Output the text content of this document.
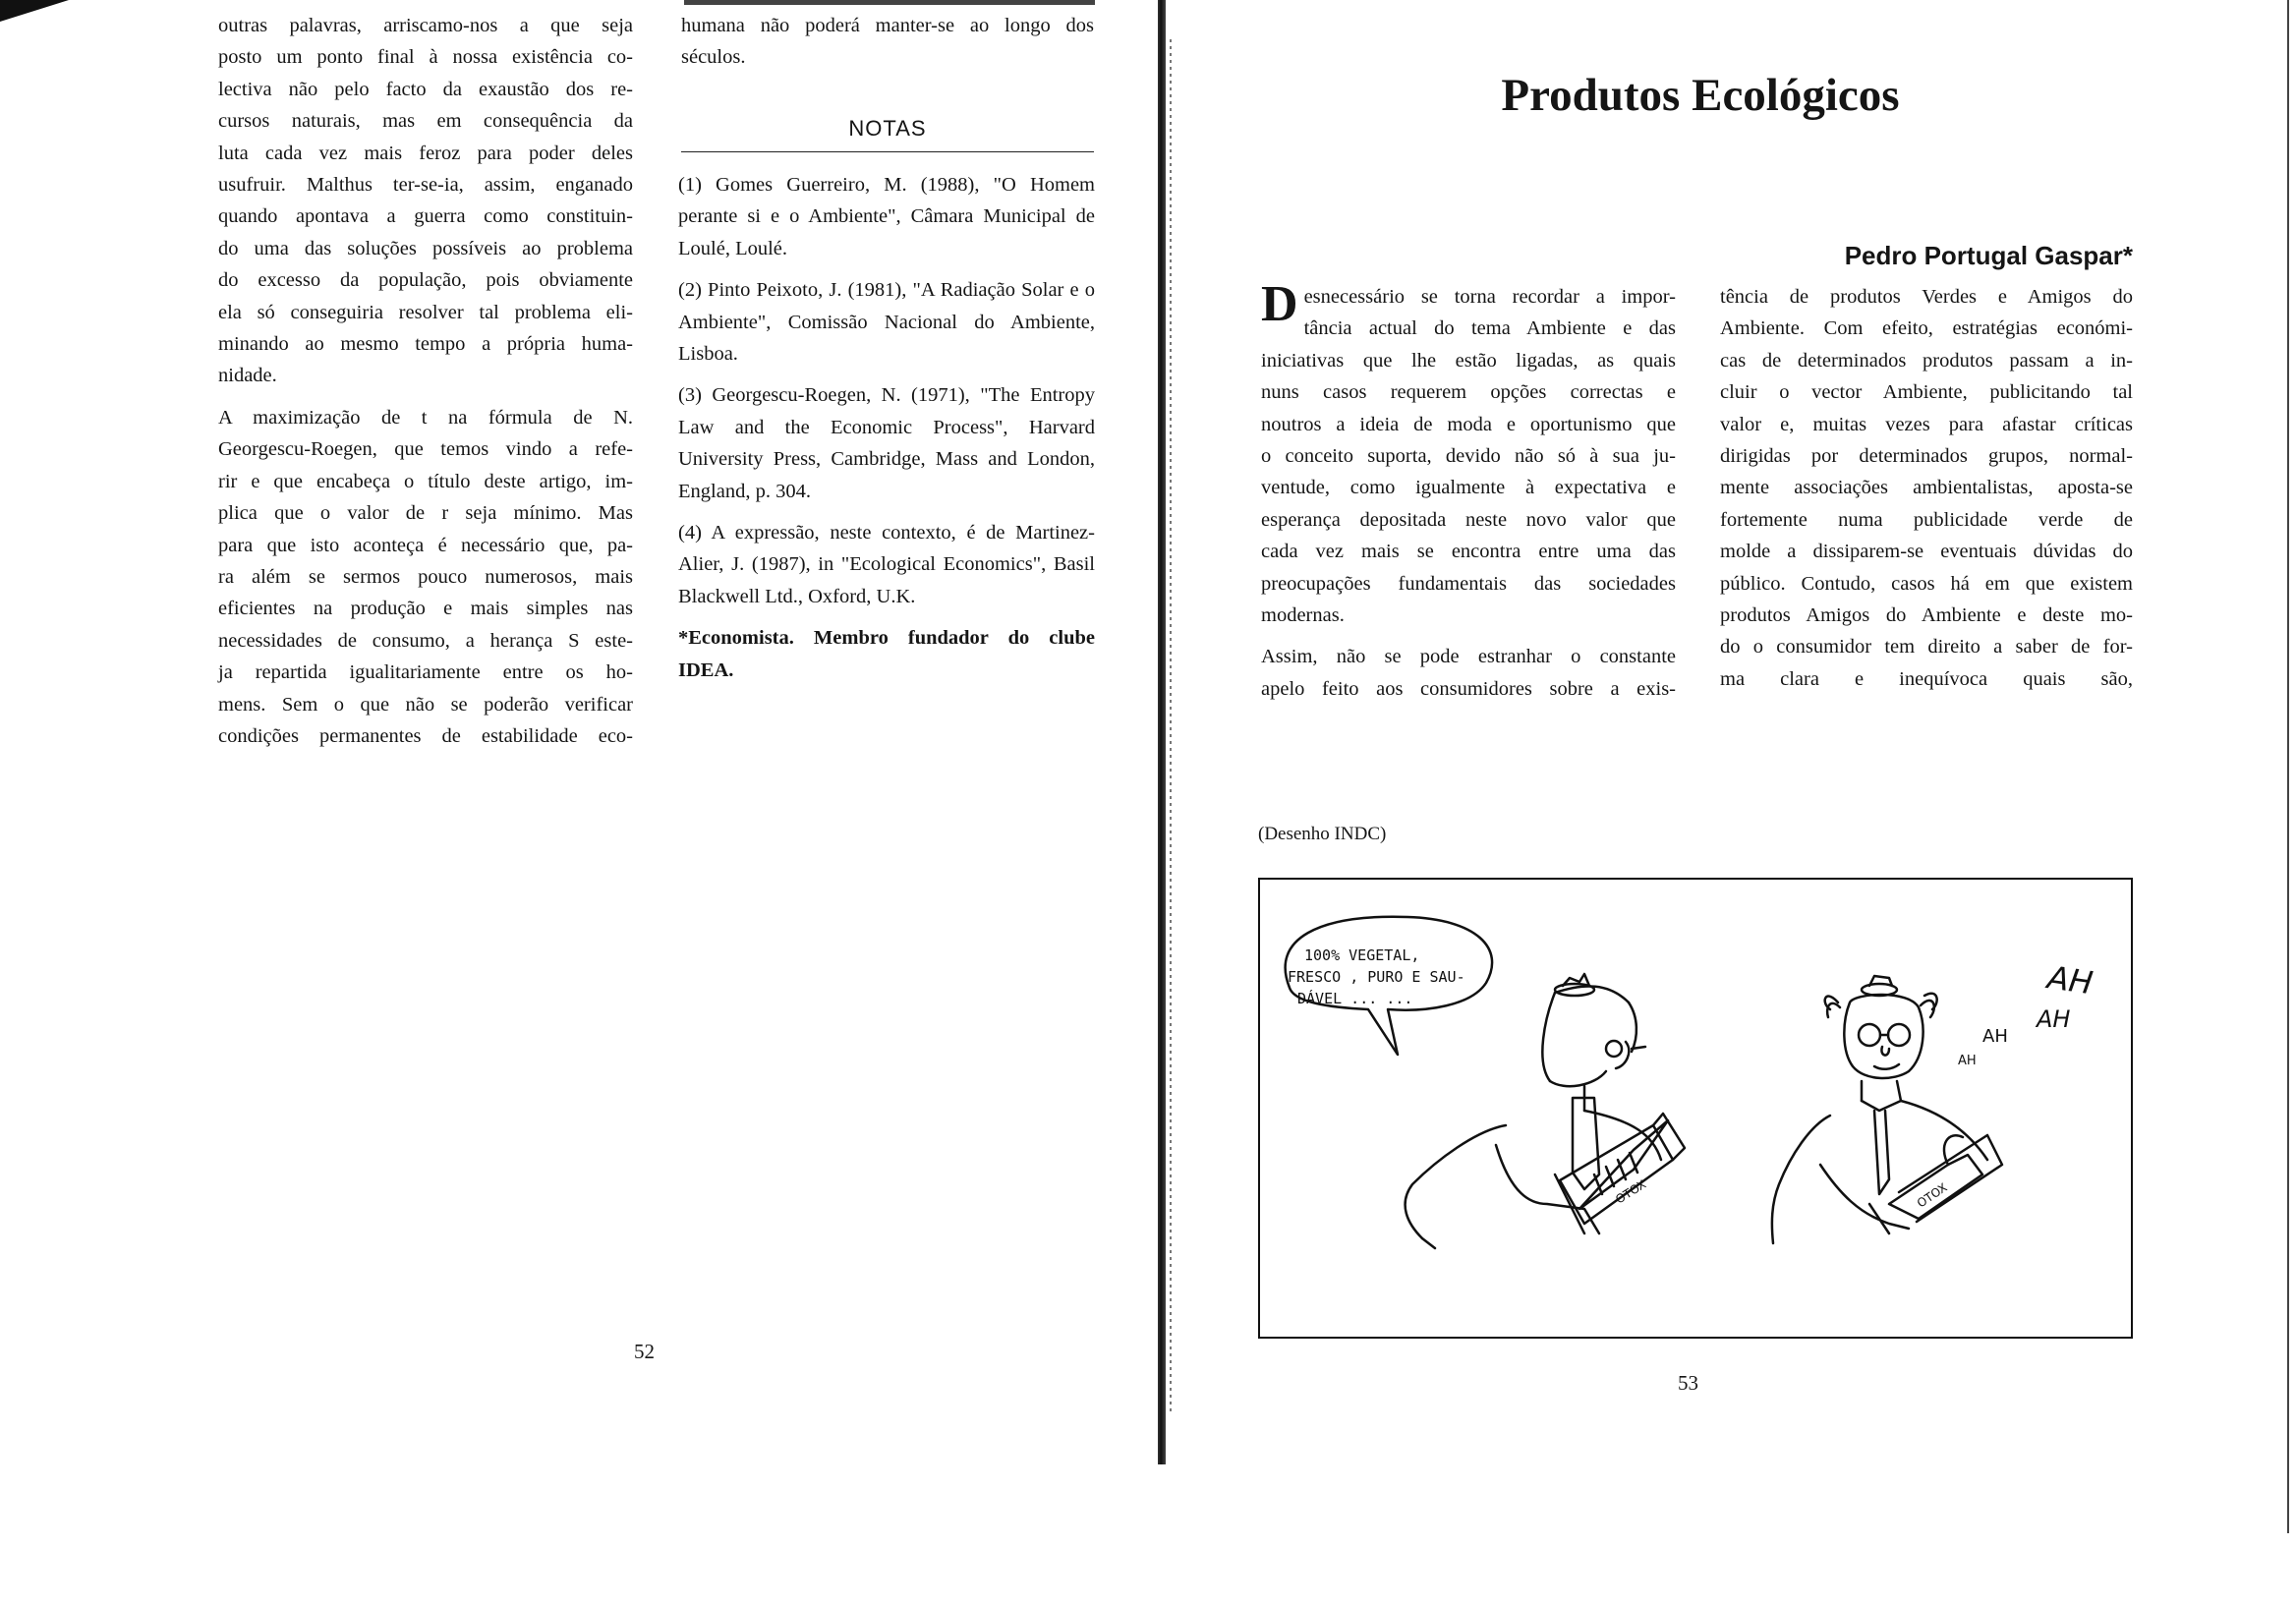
outras palavras, arriscamo-nos a que seja

posto um ponto final à nossa existência co-

lectiva não pelo facto da exaustão dos re-

cursos naturais, mas em consequência da

luta cada vez mais feroz para poder deles

usufruir. Malthus ter-se-ia, assim, enganado

quando apontava a guerra como constituin-

do uma das soluções possíveis ao problema

do excesso da população, pois obviamente

ela só conseguiria resolver tal problema eli-

minando ao mesmo tempo a própria huma-

nidade.

A maximização de t na fórmula de N.

Georgescu-Roegen, que temos vindo a refe-

rir e que encabeça o título deste artigo, im-

plica que o valor de r seja mínimo. Mas

para que isto aconteça é necessário que, pa-

ra além se sermos pouco numerosos, mais

eficientes na produção e mais simples nas

necessidades de consumo, a herança S este-

ja repartida igualitariamente entre os ho-

mens. Sem o que não se poderão verificar

condições permanentes de estabilidade eco-

humana não poderá manter-se ao longo dos

séculos.

NOTAS

(1) Gomes Guerreiro, M. (1988), "O Homem perante si e o Ambiente", Câmara Municipal de Loulé, Loulé.

(2) Pinto Peixoto, J. (1981), "A Radiação Solar e o Ambiente", Comissão Nacional do Ambiente, Lisboa.

(3) Georgescu-Roegen, N. (1971), "The Entropy Law and the Economic Process", Harvard University Press, Cambridge, Mass and London, England, p. 304.

(4) A expressão, neste contexto, é de Martinez-Alier, J. (1987), in "Ecological Economics", Basil Blackwell Ltd., Oxford, U.K.

*Economista. Membro fundador do clube IDEA.

52
Produtos Ecológicos
Pedro Portugal Gaspar*
D esnecessário se torna recordar a impor-

tância actual do tema Ambiente e das

iniciativas que lhe estão ligadas, as quais

nuns casos requerem opções correctas e

noutros a ideia de moda e oportunismo que

o conceito suporta, devido não só à sua ju-

ventude, como igualmente à expectativa e

esperança depositada neste novo valor que

cada vez mais se encontra entre uma das

preocupações fundamentais das sociedades

modernas.

Assim, não se pode estranhar o constante

apelo feito aos consumidores sobre a exis-

tência de produtos Verdes e Amigos do

Ambiente. Com efeito, estratégias económi-

cas de determinados produtos passam a in-

cluir o vector Ambiente, publicitando tal

valor e, muitas vezes para afastar críticas

dirigidas por determinados grupos, normal-

mente associações ambientalistas, aposta-se

fortemente numa publicidade verde de

molde a dissiparem-se eventuais dúvidas do

público. Contudo, casos há em que existem

produtos Amigos do Ambiente e deste mo-

do o consumidor tem direito a saber de for-

ma clara e inequívoca quais são,

(Desenho INDC)
100% VEGETAL,
FRESCO , PURO E SAU-
DÁVEL ... ...
OTOX	OTOX
AH
AH
AH
AH
53
